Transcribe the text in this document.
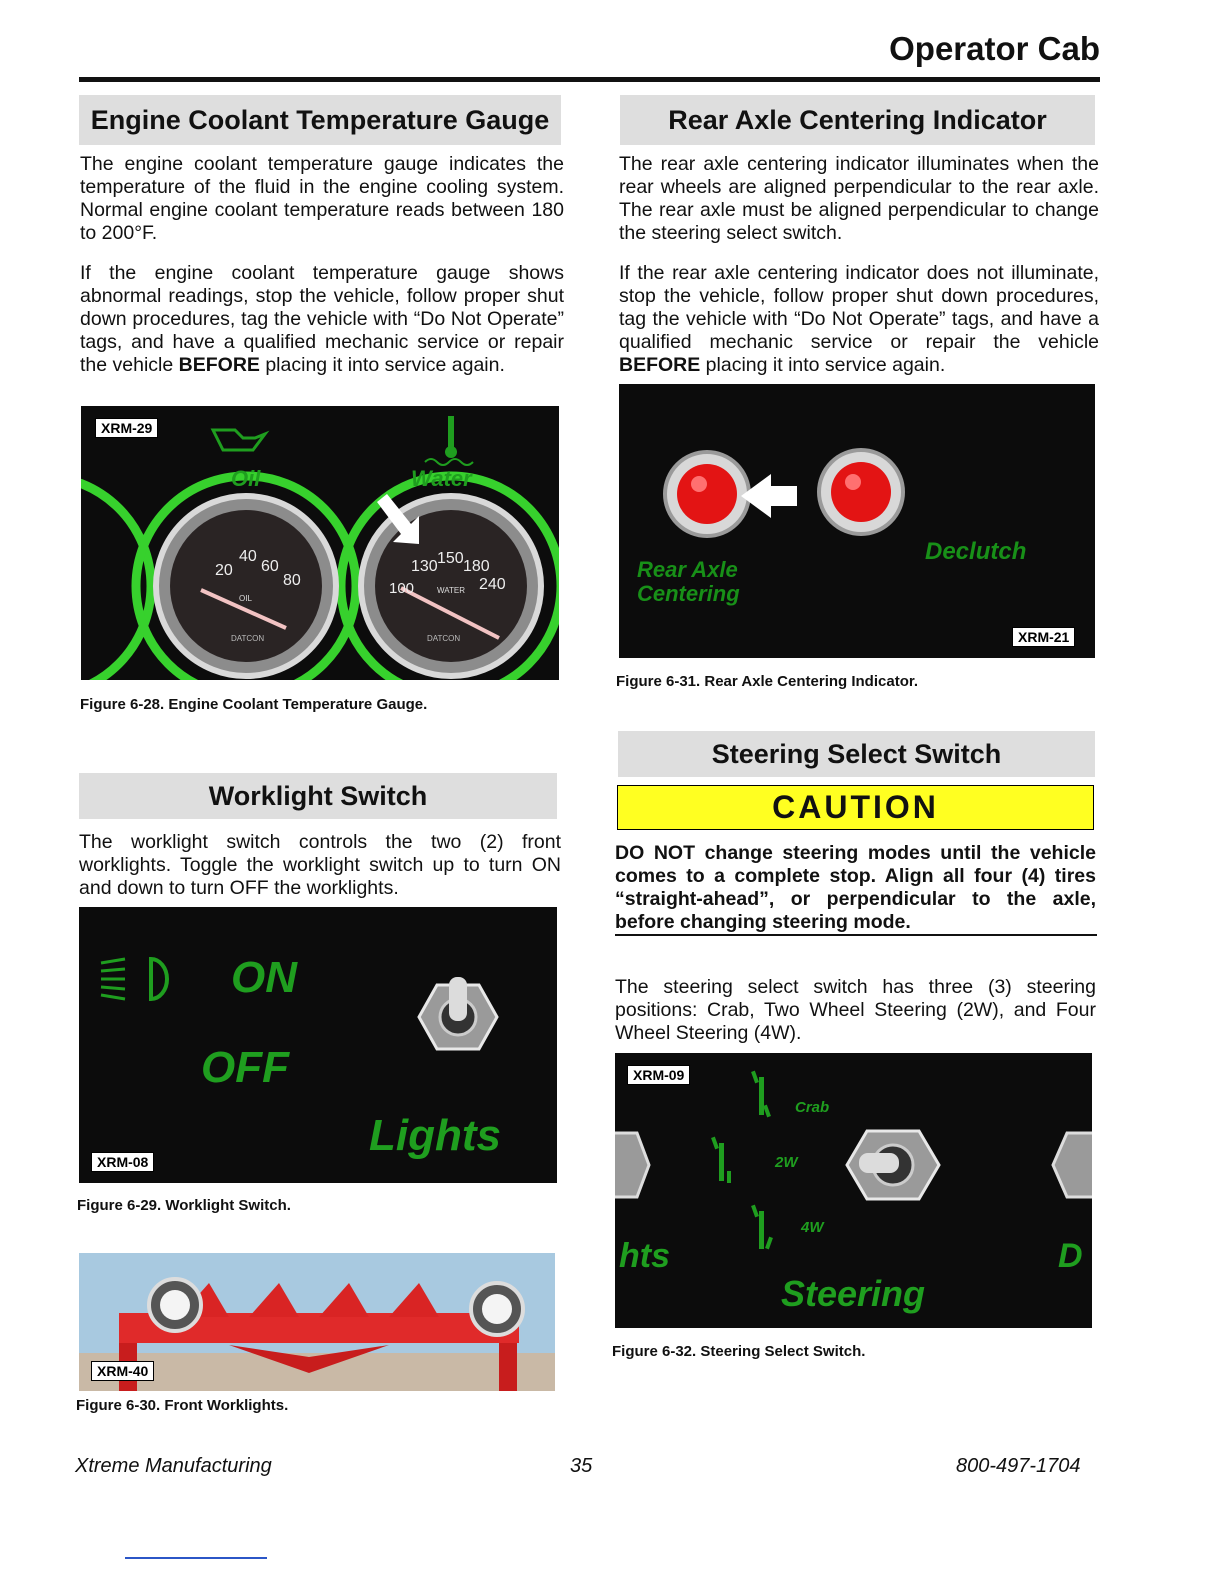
Operator Cab
Engine Coolant Temperature Gauge
The engine coolant temperature gauge indicates the temperature of the fluid in the engine cooling system. Normal engine coolant temperature reads between 180 to 200°F.
If the engine coolant temperature gauge shows abnormal readings, stop the vehicle, follow proper shut down procedures, tag the vehicle with “Do Not Operate” tags, and have a qualified mechanic service or repair the vehicle BEFORE placing it into service again.
XRM-29
Oil	Water
20
40
60
80
OIL
DATCON
100
130 150 180
240
WATER
DATCON
Figure 6-28. Engine Coolant Temperature Gauge.
Worklight Switch
The worklight switch controls the two (2) front worklights. Toggle the worklight switch up to turn ON and down to turn OFF the worklights.
ON
OFF
Lights
XRM-08
Figure 6-29. Worklight Switch.
XRM-40
Figure 6-30. Front Worklights.
Rear Axle Centering Indicator
The rear axle centering indicator illuminates when the rear wheels are aligned perpendicular to the rear axle. The rear axle must be aligned perpendicular to change the steering select switch.
If the rear axle centering indicator does not illuminate, stop the vehicle, follow proper shut down procedures, tag the vehicle with “Do Not Operate” tags, and have a qualified mechanic service or repair the vehicle BEFORE placing it into service again.
Rear Axle
Centering
Declutch
XRM-21
Figure 6-31. Rear Axle Centering Indicator.
Steering Select Switch
CAUTION
DO NOT change steering modes until the vehicle comes to a complete stop. Align all four (4) tires “straight-ahead”, or perpendicular to the axle, before changing steering mode.
The steering select switch has three (3) steering positions: Crab, Two Wheel Steering (2W), and Four Wheel Steering (4W).
XRM-09
Crab
2W
4W
hts	D
Steering
Figure 6-32. Steering Select Switch.
Xtreme Manufacturing	35	800-497-1704
